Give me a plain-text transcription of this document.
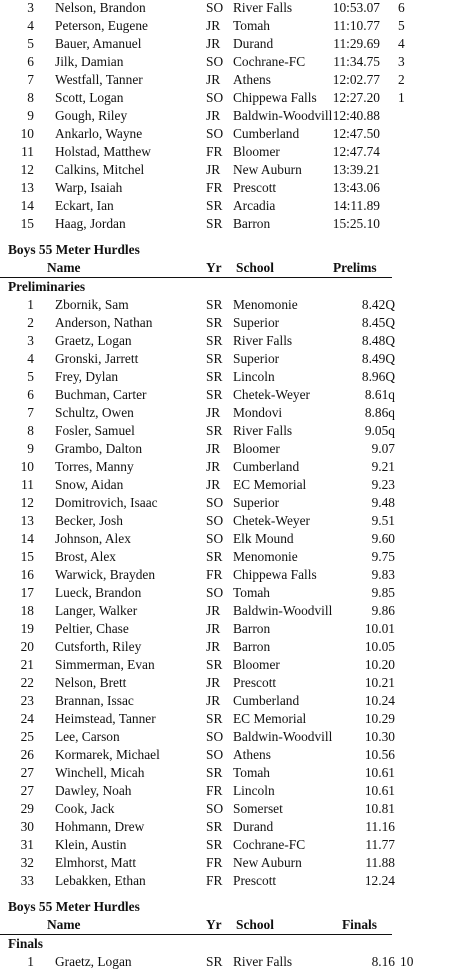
3 Nelson, Brandon	SO River Falls	10:53.07 6
4 Peterson, Eugene	JR Tomah	11:10.77 5
5 Bauer, Amanuel	JR Durand	11:29.69 4
6 Jilk, Damian	SO Cochrane-FC	11:34.75 3
7 Westfall, Tanner	JR Athens	12:02.77 2
8 Scott, Logan	SO Chippewa Falls	12:27.20 1
9 Gough, Riley	JR Baldwin-Woodvill 12:40.88
10 Ankarlo, Wayne	SO Cumberland	12:47.50
11 Holstad, Matthew	FR Bloomer	12:47.74
12 Calkins, Mitchel	JR New Auburn	13:39.21
13 Warp, Isaiah	FR Prescott	13:43.06
14 Eckart, Ian	SR Arcadia	14:11.89
15 Haag, Jordan	SR Barron	15:25.10
Boys 55 Meter Hurdles
Name	Yr School	Prelims
Preliminaries
1 Zbornik, Sam	SR Menomonie	8.42Q
2 Anderson, Nathan	SR Superior	8.45Q
3 Graetz, Logan	SR River Falls	8.48Q
4 Gronski, Jarrett	SR Superior	8.49Q
5 Frey, Dylan	SR Lincoln	8.96Q
6 Buchman, Carter	SR Chetek-Weyer	8.61q
7 Schultz, Owen	JR Mondovi	8.86q
8 Fosler, Samuel	SR River Falls	9.05q
9 Grambo, Dalton	JR Bloomer	9.07
10 Torres, Manny	JR Cumberland	9.21
11 Snow, Aidan	JR EC Memorial	9.23
12 Domitrovich, Isaac	SO Superior	9.48
13 Becker, Josh	SO Chetek-Weyer	9.51
14 Johnson, Alex	SO Elk Mound	9.60
15 Brost, Alex	SR Menomonie	9.75
16 Warwick, Brayden	FR Chippewa Falls	9.83
17 Lueck, Brandon	SO Tomah	9.85
18 Langer, Walker	JR Baldwin-Woodvill	9.86
19 Peltier, Chase	JR Barron	10.01
20 Cutsforth, Riley	JR Barron	10.05
21 Simmerman, Evan	SR Bloomer	10.20
22 Nelson, Brett	JR Prescott	10.21
23 Brannan, Issac	JR Cumberland	10.24
24 Heimstead, Tanner	SR EC Memorial	10.29
25 Lee, Carson	SO Baldwin-Woodvill	10.30
26 Kormarek, Michael	SO Athens	10.56
27 Winchell, Micah	SR Tomah	10.61
27 Dawley, Noah	FR Lincoln	10.61
29 Cook, Jack	SO Somerset	10.81
30 Hohmann, Drew	SR Durand	11.16
31 Klein, Austin	SR Cochrane-FC	11.77
32 Elmhorst, Matt	FR New Auburn	11.88
33 Lebakken, Ethan	FR Prescott	12.24
Boys 55 Meter Hurdles
Name	Yr School	Finals
Finals
1 Graetz, Logan	SR River Falls	8.16 10
